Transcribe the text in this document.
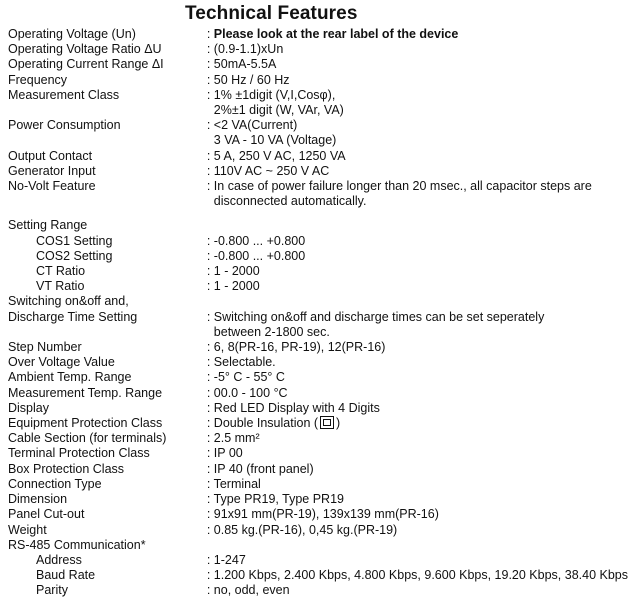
Technical Features
Operating Voltage (Un)	: Please look at the rear label of the device

Operating Voltage Ratio ΔU	: (0.9-1.1)xUn

Operating Current Range ΔI	: 50mA-5.5A

Frequency	: 50 Hz / 60 Hz

Measurement Class	: 1% ±1digit (V,I,Cosφ),
2%±1 digit (W, VAr, VA)

Power Consumption	: <2 VA(Current)
3 VA - 10 VA (Voltage)

Output Contact	: 5 A, 250 V AC, 1250 VA

Generator Input	: 110V AC ~ 250 V AC

No-Volt Feature	: In case of power failure longer than 20 msec., all capacitor steps are
disconnected automatically.

Setting Range	
COS1 Setting	: -0.800 ... +0.800

COS2 Setting	: -0.800 ... +0.800

CT Ratio	: 1 - 2000

VT Ratio	: 1 - 2000

Switching on&off and,	
Discharge Time Setting	: Switching on&off and discharge times can be set seperately
between 2-1800 sec.

Step Number	: 6, 8(PR-16, PR-19), 12(PR-16)

Over Voltage Value	: Selectable.

Ambient Temp. Range	: -5° C - 55° C

Measurement Temp. Range	: 00.0 - 100 °C

Display	: Red LED Display with 4 Digits

Equipment Protection Class	: Double Insulation ( )

Cable Section (for terminals)	: 2.5 mm²

Terminal Protection Class	: IP 00

Box Protection Class	: IP 40 (front panel)

Connection Type	: Terminal

Dimension	: Type PR19, Type PR19

Panel Cut-out	: 91x91 mm(PR-19), 139x139 mm(PR-16)

Weight	: 0.85 kg.(PR-16), 0,45 kg.(PR-19)

RS-485 Communication*	
Address	: 1-247

Baud Rate	: 1.200 Kbps, 2.400 Kbps, 4.800 Kbps, 9.600 Kbps, 19.20 Kbps, 38.40 Kbps

Parity	: no, odd, even
